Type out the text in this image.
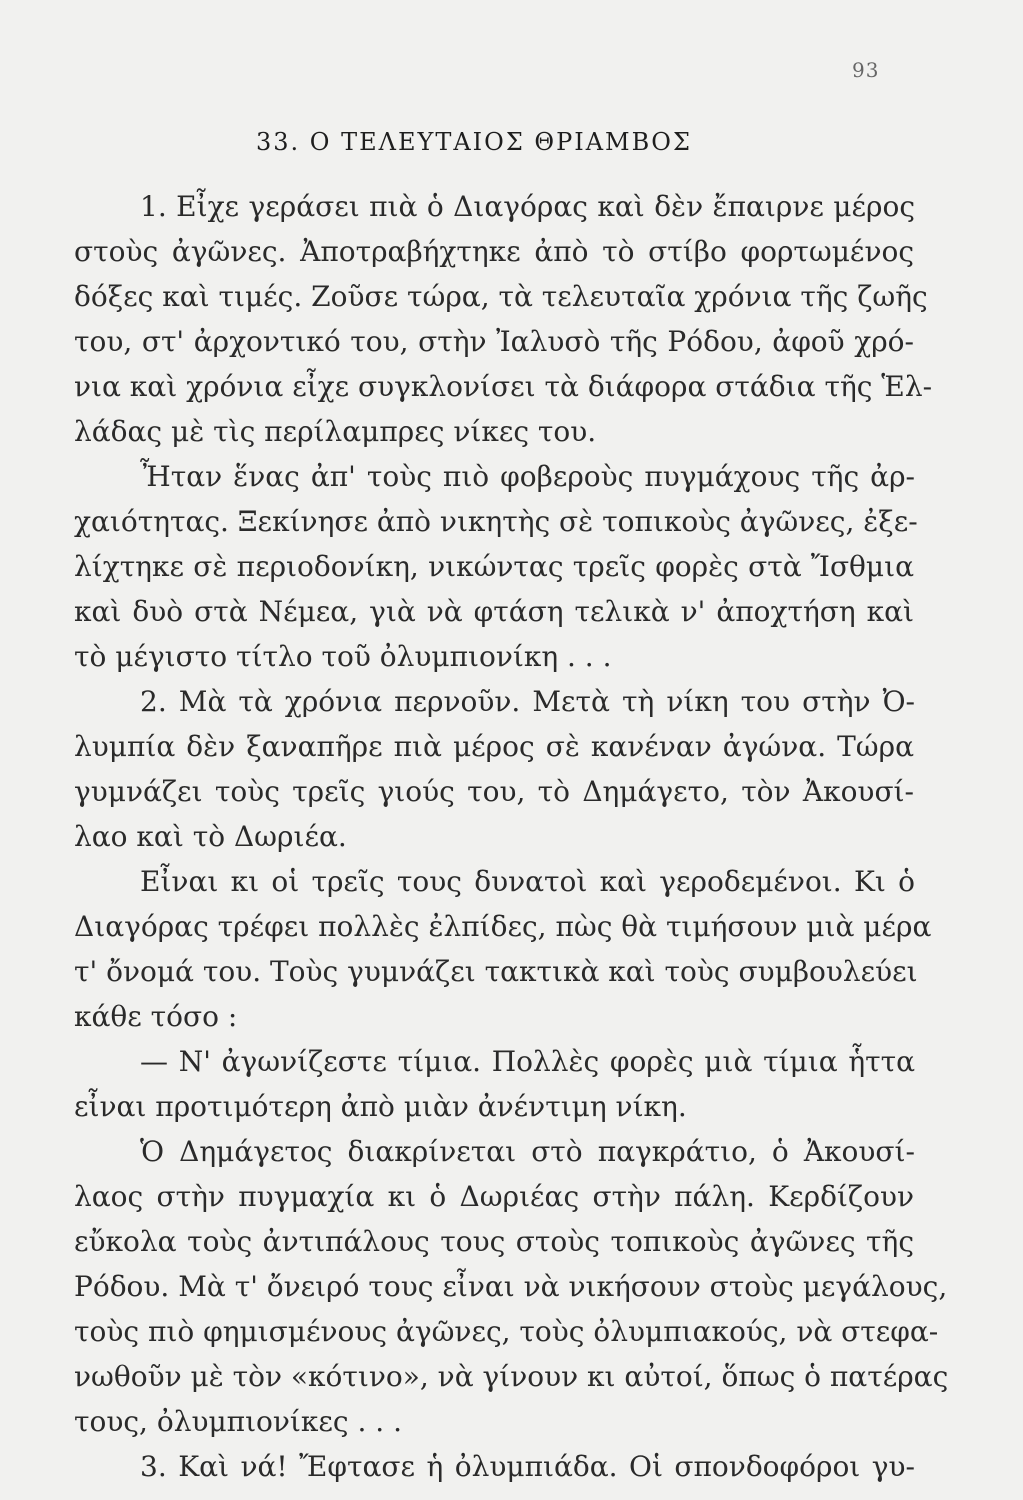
93
33. Ο ΤΕΛΕΥΤΑΙΟΣ ΘΡΙΑΜΒΟΣ
1. Εἶχε γεράσει πιὰ ὁ Διαγόρας καὶ δὲν ἔπαιρνε μέρος
στοὺς ἀγῶνες. Ἀποτραβήχτηκε ἀπὸ τὸ στίβο φορτωμένος
δόξες καὶ τιμές. Ζοῦσε τώρα, τὰ τελευταῖα χρόνια τῆς ζωῆς
του, στ' ἀρχοντικό του, στὴν Ἰαλυσὸ τῆς Ρόδου, ἀφοῦ χρό-
νια καὶ χρόνια εἶχε συγκλονίσει τὰ διάφορα στάδια τῆς Ἑλ-
λάδας μὲ τὶς περίλαμπρες νίκες του.
Ἦταν ἕνας ἀπ' τοὺς πιὸ φοβεροὺς πυγμάχους τῆς ἀρ-
χαιότητας. Ξεκίνησε ἀπὸ νικητὴς σὲ τοπικοὺς ἀγῶνες, ἐξε-
λίχτηκε σὲ περιοδονίκη, νικώντας τρεῖς φορὲς στὰ Ἴσθμια
καὶ δυὸ στὰ Νέμεα, γιὰ νὰ φτάση τελικὰ ν' ἀποχτήση καὶ
τὸ μέγιστο τίτλο τοῦ ὀλυμπιονίκη . . .
2. Μὰ τὰ χρόνια περνοῦν. Μετὰ τὴ νίκη του στὴν Ὀ-
λυμπία δὲν ξαναπῆρε πιὰ μέρος σὲ κανέναν ἀγώνα. Τώρα
γυμνάζει τοὺς τρεῖς γιούς του, τὸ Δημάγετο, τὸν Ἀκουσί-
λαο καὶ τὸ Δωριέα.
Εἶναι κι οἱ τρεῖς τους δυνατοὶ καὶ γεροδεμένοι. Κι ὁ
Διαγόρας τρέφει πολλὲς ἐλπίδες, πὼς θὰ τιμήσουν μιὰ μέρα
τ' ὄνομά του. Τοὺς γυμνάζει τακτικὰ καὶ τοὺς συμβουλεύει
κάθε τόσο :
— Ν' ἀγωνίζεστε τίμια. Πολλὲς φορὲς μιὰ τίμια ἧττα
εἶναι προτιμότερη ἀπὸ μιὰν ἀνέντιμη νίκη.
Ὁ Δημάγετος διακρίνεται στὸ παγκράτιο, ὁ Ἀκουσί-
λαος στὴν πυγμαχία κι ὁ Δωριέας στὴν πάλη. Κερδίζουν
εὔκολα τοὺς ἀντιπάλους τους στοὺς τοπικοὺς ἀγῶνες τῆς
Ρόδου. Μὰ τ' ὄνειρό τους εἶναι νὰ νικήσουν στοὺς μεγάλους,
τοὺς πιὸ φημισμένους ἀγῶνες, τοὺς ὀλυμπιακούς, νὰ στεφα-
νωθοῦν μὲ τὸν «κότινο», νὰ γίνουν κι αὐτοί, ὅπως ὁ πατέρας
τους, ὀλυμπιονίκες . . .
3. Καὶ νά! Ἔφτασε ἡ ὀλυμπιάδα. Οἱ σπονδοφόροι γυ-
